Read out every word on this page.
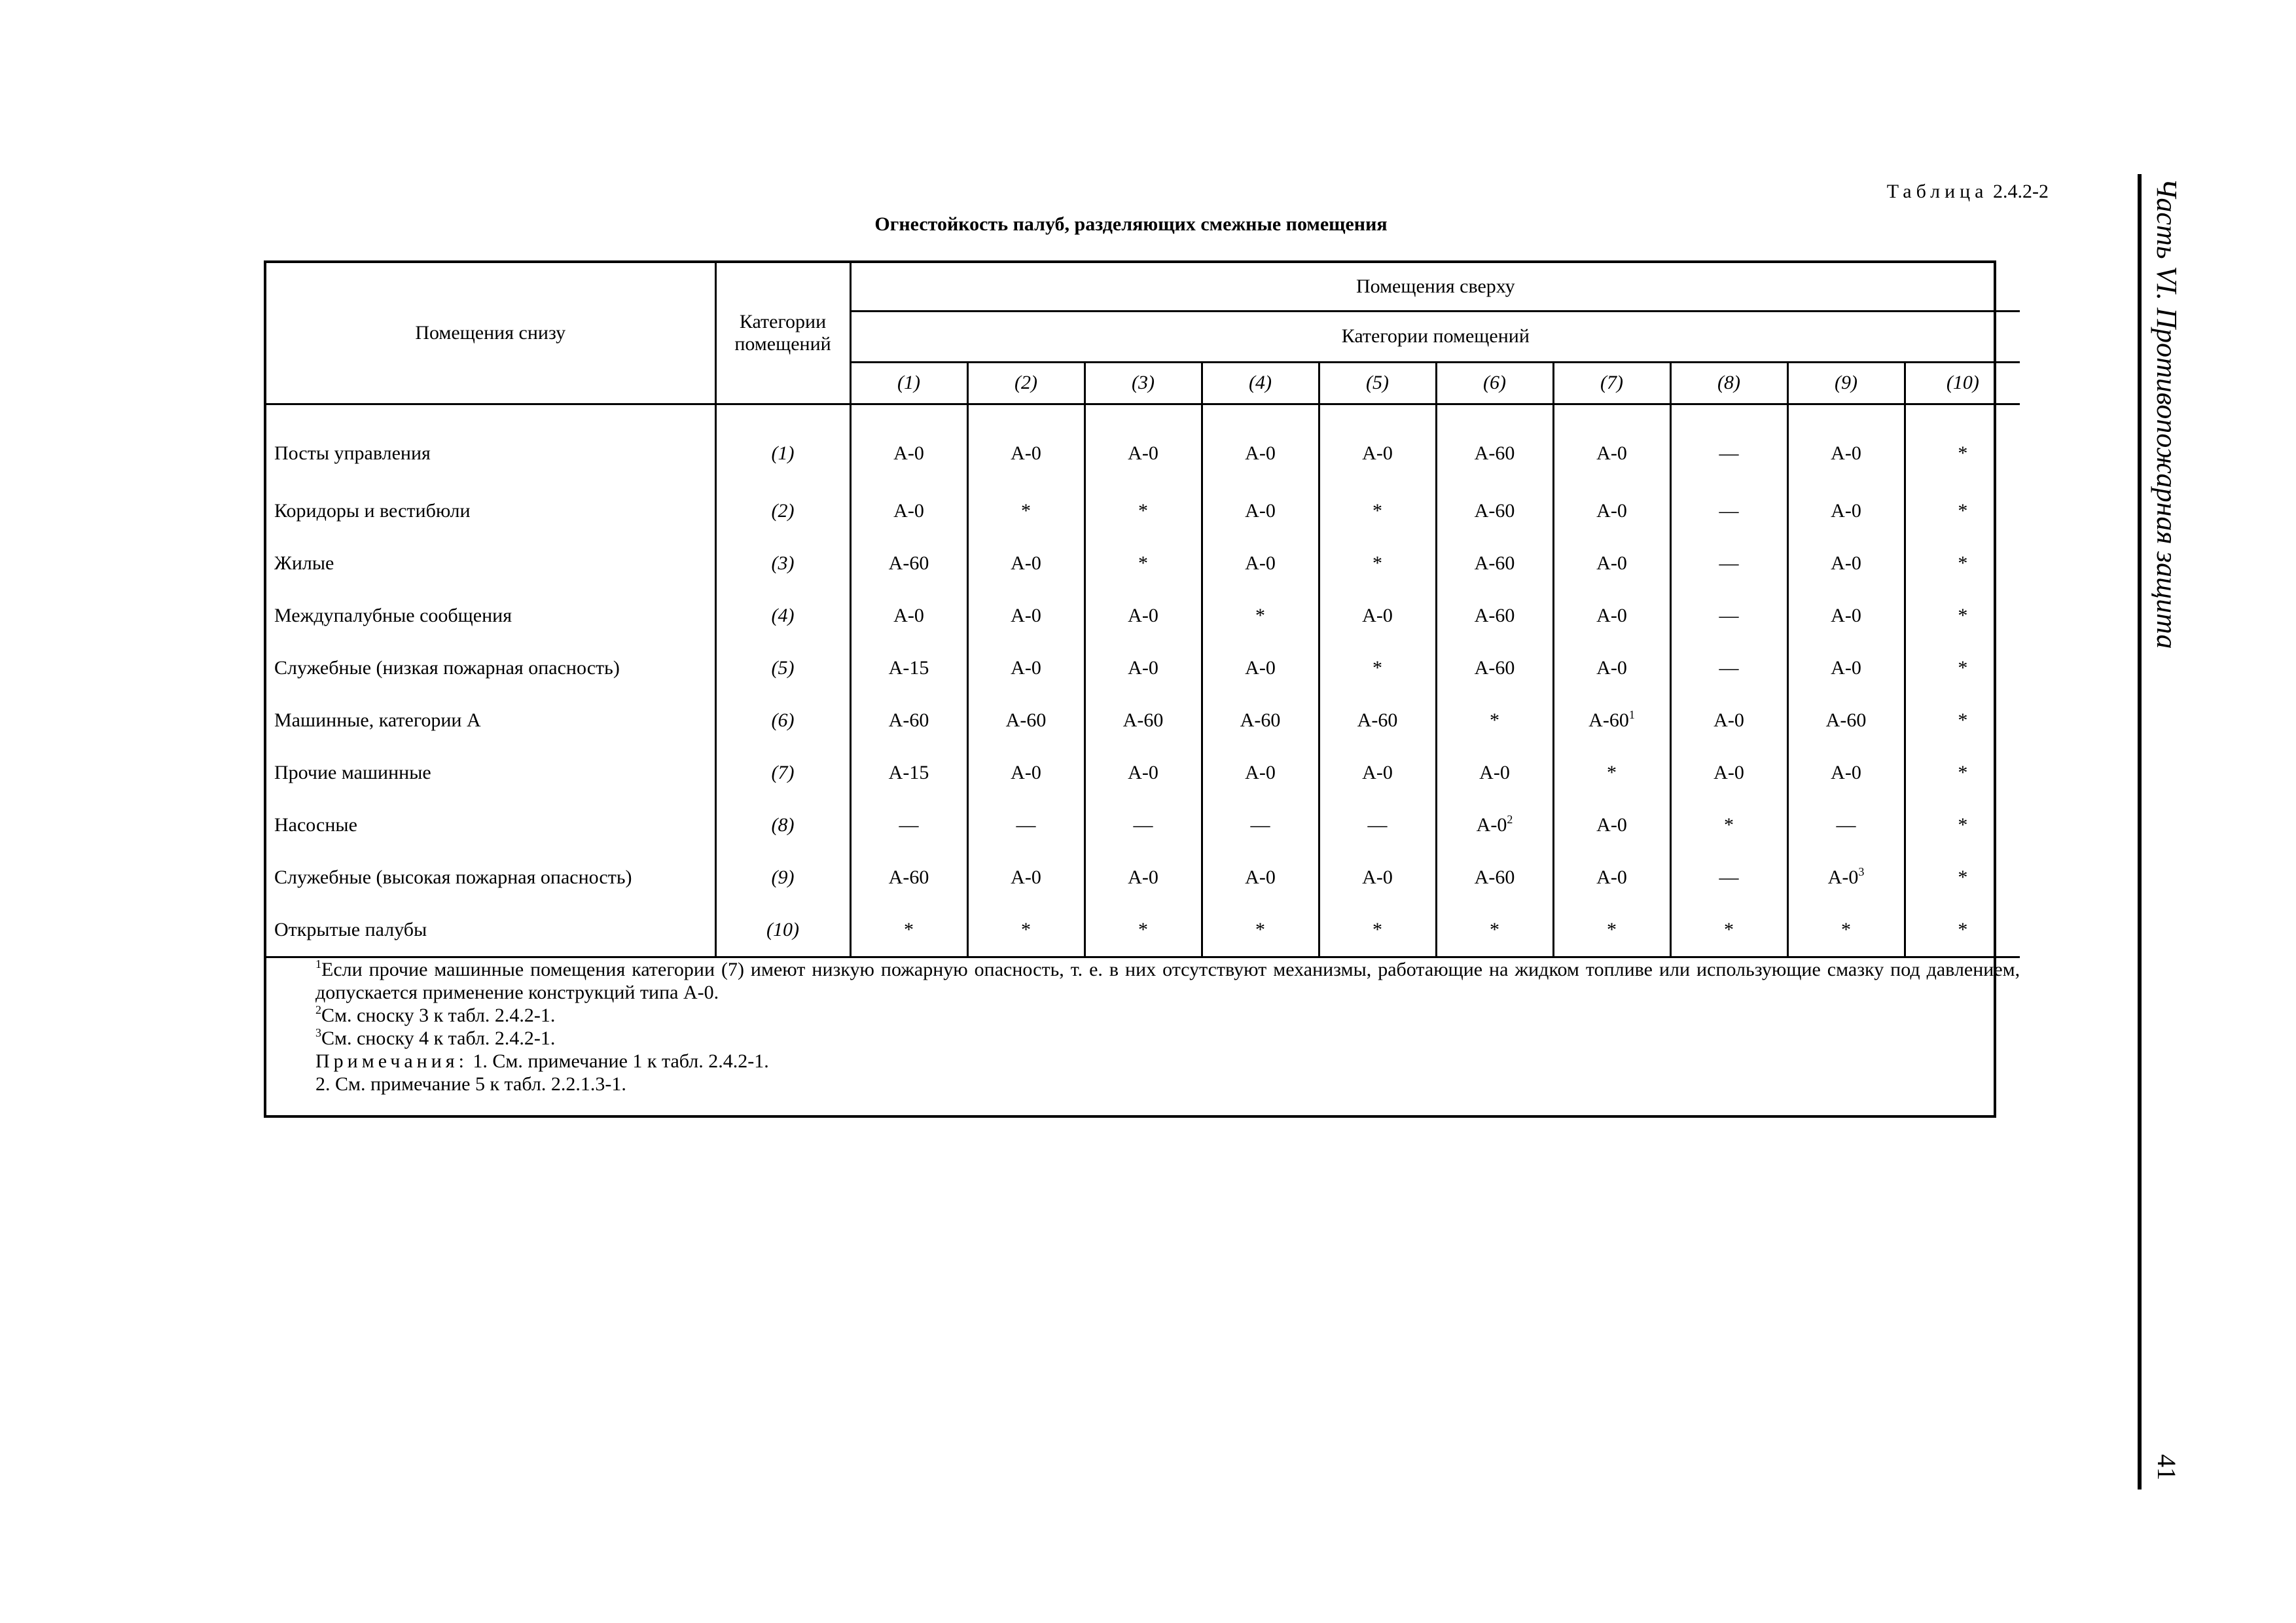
Таблица 2.4.2-2
Огнестойкость палуб, разделяющих смежные помещения
Помещения снизу	Категории помещений	Помещения сверху									
		Категории помещений									
		(1)	(2)	(3)	(4)	(5)	(6)	(7)	(8)	(9)	(10)
Посты управления	(1)	A-0	A-0	A-0	A-0	A-0	A-60	A-0	—	A-0	*
Коридоры и вестибюли	(2)	A-0	*	*	A-0	*	A-60	A-0	—	A-0	*
Жилые	(3)	A-60	A-0	*	A-0	*	A-60	A-0	—	A-0	*
Междупалубные сообщения	(4)	A-0	A-0	A-0	*	A-0	A-60	A-0	—	A-0	*
Служебные (низкая пожарная опасность)	(5)	A-15	A-0	A-0	A-0	*	A-60	A-0	—	A-0	*
Машинные, категории А	(6)	A-60	A-60	A-60	A-60	A-60	*	$A-60^1$	A-0	A-60	*
Прочие машинные	(7)	A-15	A-0	A-0	A-0	A-0	A-0	*	A-0	A-0	*
Насосные	(8)	—	—	—	—	—	$A-0^2$	A-0	*	—	*
Служебные (высокая пожарная опасность)	(9)	A-60	A-0	A-0	A-0	A-0	A-60	A-0	—	$A-0^3$	*
Открытые палубы	(10)	*	*	*	*	*	*	*	*	*	*

$^1$Если прочие машинные помещения категории (7) имеют низкую пожарную опасность, т. е. в них отсутствуют механизмы, работающие на жидком топливе или использующие смазку под давлением, допускается применение конструкций типа А-0.
$^2$См. сноску 3 к табл. 2.4.2-1.
$^3$См. сноску 4 к табл. 2.4.2-1.
Примечания: 1. См. примечание 1 к табл. 2.4.2-1.
2. См. примечание 5 к табл. 2.2.1.3-1.											
Часть VI. Противопожарная защита
41
